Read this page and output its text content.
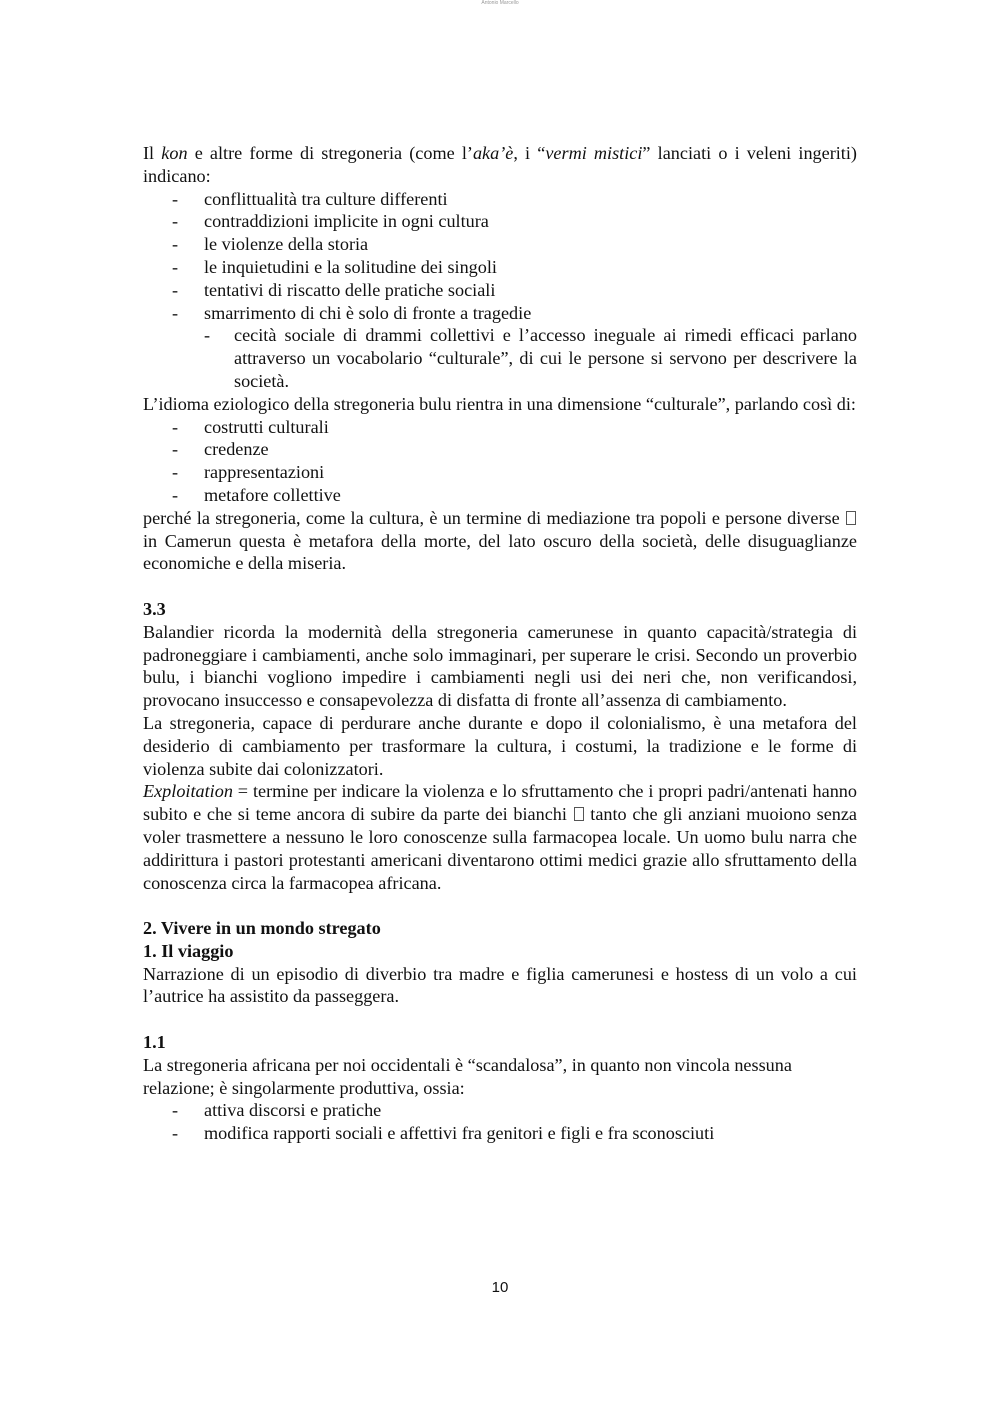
Antonio Marcello

Il kon e altre forme di stregoneria (come l’aka’è, i “vermi mistici” lanciati o i veleni ingeriti) indicano:

- conflittualità tra culture differenti
- contraddizioni implicite in ogni cultura
- le violenze della storia
- le inquietudini e la solitudine dei singoli
- tentativi di riscatto delle pratiche sociali
- smarrimento di chi è solo di fronte a tragedie
- cecità sociale di drammi collettivi e l’accesso ineguale ai rimedi efficaci parlano attraverso un vocabolario “culturale”, di cui le persone si servono per descrivere la società.

L’idioma eziologico della stregoneria bulu rientra in una dimensione “culturale”, parlando così di:

- costrutti culturali
- credenze
- rappresentazioni
- metafore collettive

perché la stregoneria, come la cultura, è un termine di mediazione tra popoli e persone diverse  in Camerun questa è metafora della morte, del lato oscuro della società, delle disuguaglianze economiche e della miseria.

3.3

Balandier ricorda la modernità della stregoneria camerunese in quanto capacità/strategia di padroneggiare i cambiamenti, anche solo immaginari, per superare le crisi. Secondo un proverbio bulu, i bianchi vogliono impedire i cambiamenti negli usi dei neri che, non verificandosi, provocano insuccesso e consapevolezza di disfatta di fronte all’assenza di cambiamento.

La stregoneria, capace di perdurare anche durante e dopo il colonialismo, è una metafora del desiderio di cambiamento per trasformare la cultura, i costumi, la tradizione e le forme di violenza subite dai colonizzatori.

Exploitation = termine per indicare la violenza e lo sfruttamento che i propri padri/antenati hanno subito e che si teme ancora di subire da parte dei bianchi tanto che gli anziani muoiono senza voler trasmettere a nessuno le loro conoscenze sulla farmacopea locale. Un uomo bulu narra che addirittura i pastori protestanti americani diventarono ottimi medici grazie allo sfruttamento della conoscenza circa la farmacopea africana.

2. Vivere in un mondo stregato

1. Il viaggio

Narrazione di un episodio di diverbio tra madre e figlia camerunesi e hostess di un volo a cui l’autrice ha assistito da passeggera.

1.1

La stregoneria africana per noi occidentali è “scandalosa”, in quanto non vincola nessuna relazione; è singolarmente produttiva, ossia:

- attiva discorsi e pratiche
- modifica rapporti sociali e affettivi fra genitori e figli e fra sconosciuti
10
